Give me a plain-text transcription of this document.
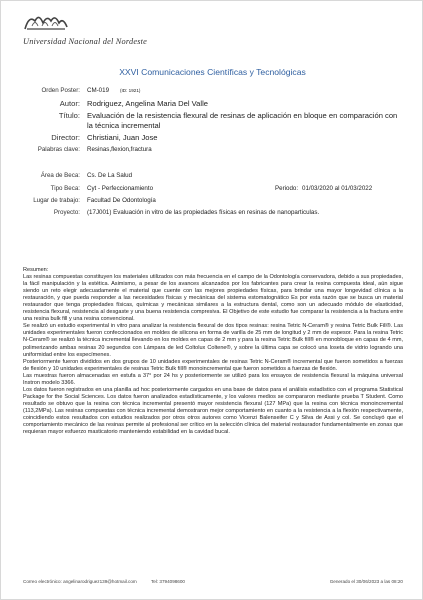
Universidad Nacional del Nordeste
XXVI Comunicaciones Científicas y Tecnológicas
Orden Poster: CM-019 (ID: 1921)
Autor: Rodriguez, Angelina Maria Del Valle
Título: Evaluación de la resistencia flexural de resinas de aplicación en bloque en comparación con la técnica incremental
Director: Christiani, Juan Jose
Palabras clave: Resinas,flexion,fractura
Área de Beca: Cs. De La Salud
Tipo Beca: Cyt - Perfeccionamiento	Periodo: 01/03/2020 al 01/03/2022
Lugar de trabajo: Facultad De Odontología
Proyecto: (17J001) Evaluación in vitro de las propiedades físicas en resinas de nanoparticulas.

Resumen:

Las resinas compuestas constituyen los materiales utilizados con más frecuencia en el campo de la Odontología conservadora, debido a sus propiedades, la fácil manipulación y la estética. Asimismo, a pesar de los avances alcanzados por los fabricantes para crear la resina compuesta ideal, aún sigue siendo un reto elegir adecuadamente el material que cuente con las mejores propiedades físicas, para brindar una mayor longevidad clínica a la restauración, y que pueda responder a las necesidades físicas y mecánicas del sistema estomatognático Es por esta razón que se busca un material restaurador que tenga propiedades físicas, químicas y mecánicas similares a la estructura dental, como son un adecuado módulo de elasticidad, resistencia flexural, resistencia al desgaste y una buena resistencia compresiva. El Objetivo de este estudio fue comparar la resistencia a la fractura entre una resina bulk fill y una resina convencional.

Se realizó un estudio experimental in vitro para analizar la resistencia flexural de dos tipos resinas: resina Tetric N-Ceram® y resina Tetric Bulk Fill®. Las unidades experimentales fueron confeccionados en moldes de silicona en forma de varilla de 25 mm de longitud y 2 mm de espesor. Para la resina Tetric N-Ceram® se realizó la técnica incremental llevando en los moldes en capas de 2 mm y para la resina Tetric Bulk fill® en monobloque en capas de 4 mm, polimerizando ambas resinas 20 segundos con Lámpara de led Coltolux Coltene®, y sobre la última capa se colocó una loseta de vidrio logrando una uniformidad entre los especímenes.

Posteriormente fueron divididos en dos grupos de 10 unidades experimentales de resinas Tetric N-Ceram® incremental que fueron sometidos a fuerzas de flexión y 10 unidades experimentales de resinas Tetric Bulk fill® monoincremental que fueron sometidos a fuerzas de flexión.

Las muestras fueron almacenadas en estufa a 37° por 24 hs y posteriormente se utilizó para los ensayos de resistencia flexural la máquina universal Instron modelo 3366.

Los datos fueron registrados en una planilla ad hoc posteriormente cargados en una base de datos para el análisis estadístico con el programa Statistical Package for the Social Sciences. Los datos fueron analizados estadísticamente, y los valores medios se compararon mediante prueba T Student. Como resultado se obtuvo que la resina con técnica incremental presentó mayor resistencia flexural (127 MPa) que la resina con técnica monoincremental (113,2MPa). Las resinas compuestas con técnica incremental demostraron mejor comportamiento en cuanto a la resistencia a la flexión respectivamente, coincidiendo estos resultados con estudios realizados por otros otros autores como Vicenzi Balenseifer C y Silva de Assi y col. Se concluyó que el comportamiento mecánico de las resinas permite al profesional ser crítico en la selección clínica del material restaurador fundamentalmente en zonas que requieran mayor esfuerzo masticatorio manteniendo estabilidad en la cavidad bucal.

Correo electrónico: angelinarodriguez139@hotmail.com	Tel: 3794098600	Generado el 30/06/2023 a las 08:20
